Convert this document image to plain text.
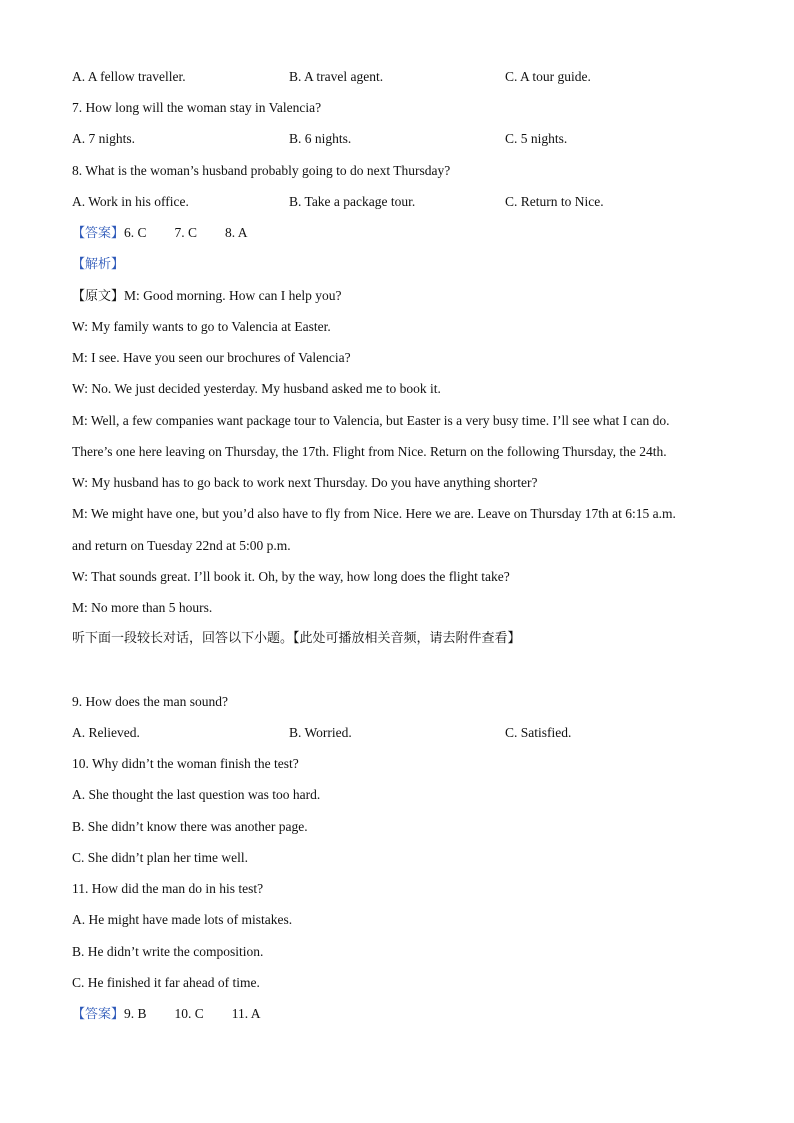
A. A fellow traveller.	B. A travel agent.	C. A tour guide.
7. How long will the woman stay in Valencia?
A. 7 nights.	B. 6 nights.	C. 5 nights.
8. What is the woman’s husband probably going to do next Thursday?
A. Work in his office.	B. Take a package tour.	C. Return to Nice.
【答案】6. C 7. C 8. A
【解析】
【原文】M: Good morning. How can I help you?
W: My family wants to go to Valencia at Easter.
M: I see. Have you seen our brochures of Valencia?
W: No. We just decided yesterday. My husband asked me to book it.
M: Well, a few companies want package tour to Valencia, but Easter is a very busy time. I’ll see what I can do.
There’s one here leaving on Thursday, the 17th. Flight from Nice. Return on the following Thursday, the 24th.
W: My husband has to go back to work next Thursday. Do you have anything shorter?
M: We might have one, but you’d also have to fly from Nice. Here we are. Leave on Thursday 17th at 6:15 a.m.
and return on Tuesday 22nd at 5:00 p.m.
W: That sounds great. I’ll book it. Oh, by the way, how long does the flight take?
M: No more than 5 hours.
听下面一段较长对话，回答以下小题。【此处可播放相关音频，请去附件查看】
9. How does the man sound?
A. Relieved.	B. Worried.	C. Satisfied.
10. Why didn’t the woman finish the test?
A. She thought the last question was too hard.
B. She didn’t know there was another page.
C. She didn’t plan her time well.
11. How did the man do in his test?
A. He might have made lots of mistakes.
B. He didn’t write the composition.
C. He finished it far ahead of time.
【答案】9. B 10. C 11. A
